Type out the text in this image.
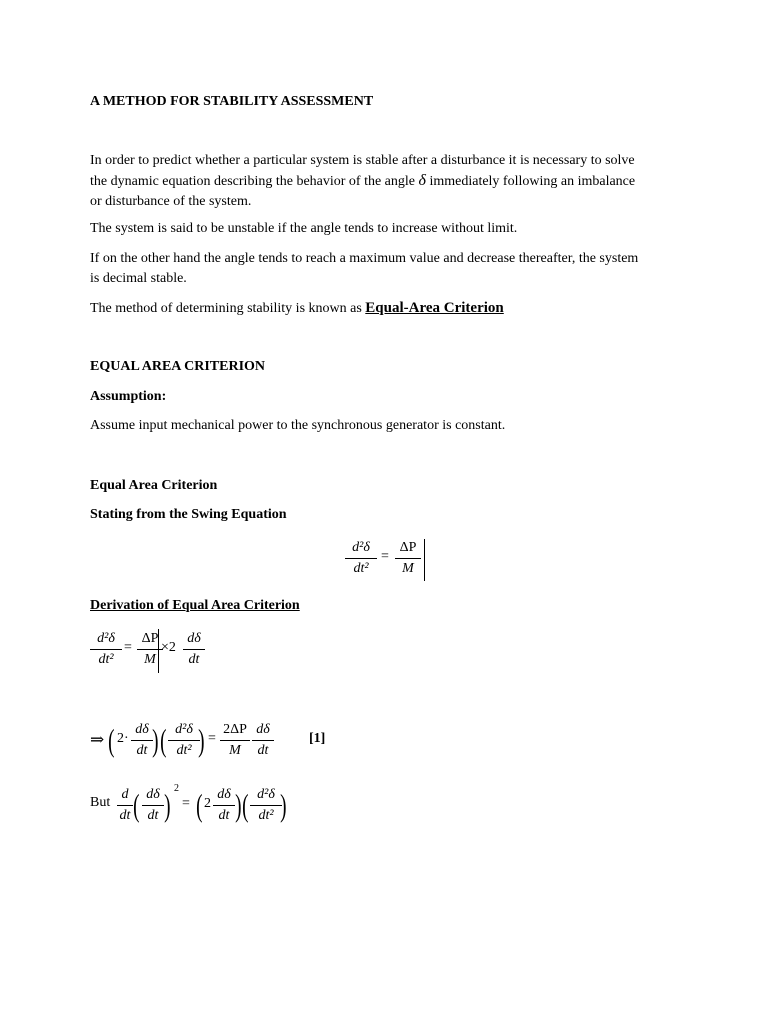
A METHOD FOR STABILITY ASSESSMENT
In order to predict whether a particular system is stable after a disturbance it is necessary to solve
the dynamic equation describing the behavior of the angle δ immediately following an imbalance
or disturbance of the system.
The system is said to be unstable if the angle tends to increase without limit.
If on the other hand the angle tends to reach a maximum value and decrease thereafter, the system
is decimal stable.
The method of determining stability is known as Equal-Area Criterion
EQUAL AREA CRITERION
Assumption:
Assume input mechanical power to the synchronous generator is constant.
Equal Area Criterion
Stating from the Swing Equation
d²δ
dt²
=
ΔP
M
Derivation of Equal Area Criterion
d²δ
dt²
=
ΔP
M
×2
dδ
dt
⇒ ( 2·
dδ
dt ) ( d²δ
dt² ) =
2ΔP
M
dδ
dt
[1]
But
d
dt ( dδ
dt ) 2
= ( 2
dδ
dt ) ( d²δ
dt² )
